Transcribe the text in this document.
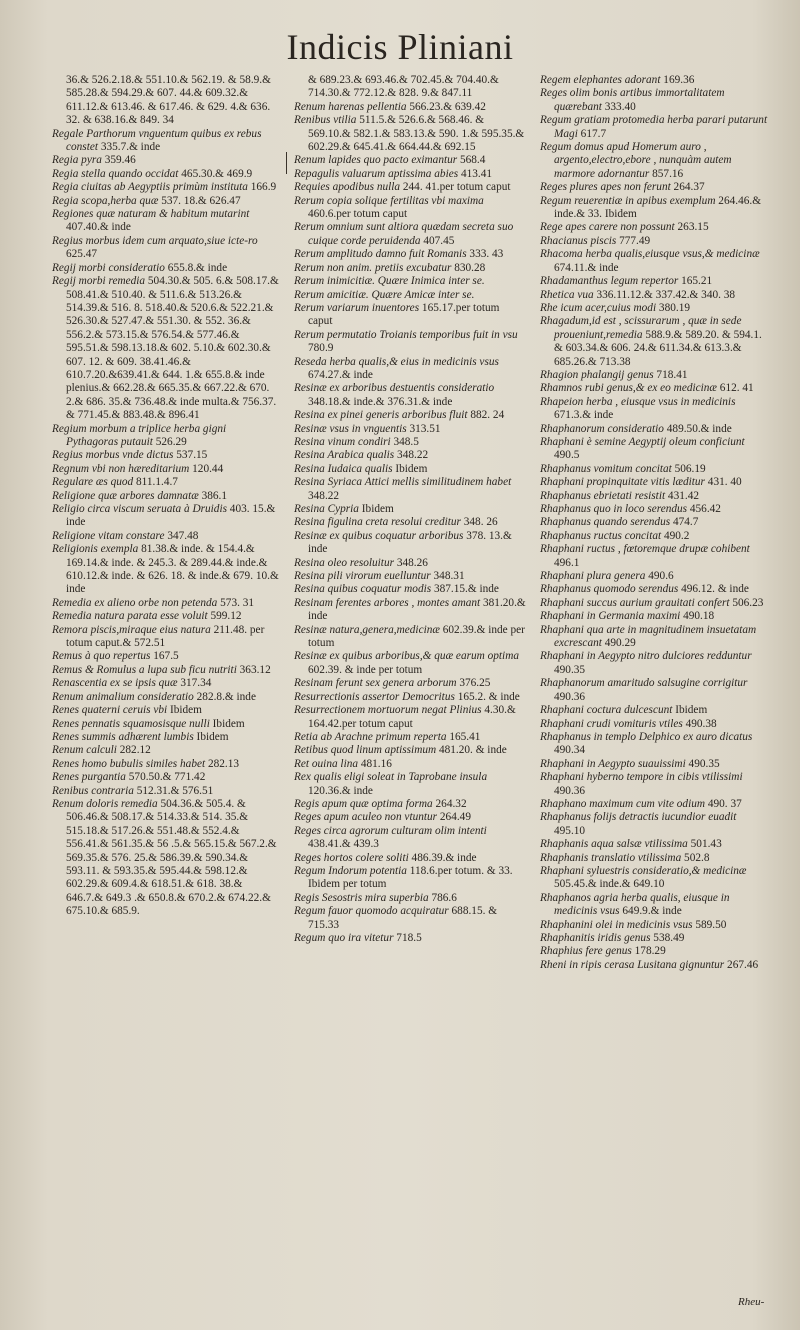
Indicis Pliniani

36.& 526.2.18.& 551.10.& 562.19. & 58.9.& 585.28.& 594.29.& 607. 44.& 609.32.& 611.12.& 613.46. & 617.46. & 629. 4.& 636. 32. & 638.16.& 849. 34

Regale Parthorum vnguentum quibus ex rebus constet 335.7.& inde

Regia pyra 359.46

Regia stella quando occidat 465.30.& 469.9

Regia ciuitas ab Aegyptiis primùm instituta 166.9

Regia scopa,herba quæ 537. 18.& 626.47

Regiones quæ naturam & habitum mutarint 407.40.& inde

Regius morbus idem cum arquato,siue icte-ro 625.47

Regij morbi consideratio 655.8.& inde

Regij morbi remedia 504.30.& 505. 6.& 508.17.& 508.41.& 510.40. & 511.6.& 513.26.& 514.39.& 516. 8. 518.40.& 520.6.& 522.21.& 526.30.& 527.47.& 551.30. & 552. 36.& 556.2.& 573.15.& 576.54.& 577.46.& 595.51.& 598.13.18.& 602. 5.10.& 602.30.& 607. 12. & 609. 38.41.46.& 610.7.20.&639.41.& 644. 1.& 655.8.& inde plenius.& 662.28.& 665.35.& 667.22.& 670. 2.& 686. 35.& 736.48.& inde multa.& 756.37. & 771.45.& 883.48.& 896.41

Regium morbum a triplice herba gigni Pythagoras putauit 526.29

Regius morbus vnde dictus 537.15

Regnum vbi non hæreditarium 120.44

Regulare æs quod 811.1.4.7

Religione quæ arbores damnatæ 386.1

Religio circa viscum seruata à Druidis 403. 15.& inde

Religione vitam constare 347.48

Religionis exempla 81.38.& inde. & 154.4.& 169.14.& inde. & 245.3. & 289.44.& inde.& 610.12.& inde. & 626. 18. & inde.& 679. 10.& inde

Remedia ex alieno orbe non petenda 573. 31

Remedia natura parata esse voluit 599.12

Remora piscis,miraque eius natura 211.48. per totum caput.& 572.51

Remus à quo repertus 167.5

Remus & Romulus a lupa sub ficu nutriti 363.12

Renascentia ex se ipsis quæ 317.34

Renum animalium consideratio 282.8.& inde

Renes quaterni ceruis vbi Ibidem

Renes pennatis squamosisque nulli Ibidem

Renes summis adhærent lumbis Ibidem

Renum calculi 282.12

Renes homo bubulis similes habet 282.13

Renes purgantia 570.50.& 771.42

Renibus contraria 512.31.& 576.51

Renum doloris remedia 504.36.& 505.4. & 506.46.& 508.17.& 514.33.& 514. 35.& 515.18.& 517.26.& 551.48.& 552.4.& 556.41.& 561.35.& 56 .5.& 565.15.& 567.2.& 569.35.& 576. 25.& 586.39.& 590.34.& 593.11. & 593.35.& 595.44.& 598.12.& 602.29.& 609.4.& 618.51.& 618. 38.& 646.7.& 649.3 .& 650.8.& 670.2.& 674.22.& 675.10.& 685.9.

& 689.23.& 693.46.& 702.45.& 704.40.& 714.30.& 772.12.& 828. 9.& 847.11

Renum harenas pellentia 566.23.& 639.42

Renibus vtilia 511.5.& 526.6.& 568.46. & 569.10.& 582.1.& 583.13.& 590. 1.& 595.35.& 602.29.& 645.41.& 664.44.& 692.15

Renum lapides quo pacto eximantur 568.4

Repagulis valuarum aptissima abies 413.41

Requies apodibus nulla 244. 41.per totum caput

Rerum copia solique fertilitas vbi maxima 460.6.per totum caput

Rerum omnium sunt altiora quædam secreta suo cuique corde peruidenda 407.45

Rerum amplitudo damno fuit Romanis 333. 43

Rerum non anim. pretiis excubatur 830.28

Rerum inimicitiæ. Quære Inimica inter se.

Rerum amicitiæ. Quære Amicæ inter se.

Rerum variarum inuentores 165.17.per totum caput

Rerum permutatio Troianis temporibus fuit in vsu 780.9

Reseda herba qualis,& eius in medicinis vsus 674.27.& inde

Resinæ ex arboribus destuentis consideratio 348.18.& inde.& 376.31.& inde

Resina ex pinei generis arboribus fluit 882. 24

Resinæ vsus in vnguentis 313.51

Resina vinum condiri 348.5

Resina Arabica qualis 348.22

Resina Iudaica qualis Ibidem

Resina Syriaca Attici mellis similitudinem habet 348.22

Resina Cypria Ibidem

Resina figulina creta resolui creditur 348. 26

Resinæ ex quibus coquatur arboribus 378. 13.& inde

Resina oleo resoluitur 348.26

Resina pili virorum euelluntur 348.31

Resina quibus coquatur modis 387.15.& inde

Resinam ferentes arbores , montes amant 381.20.& inde

Resinæ natura,genera,medicinæ 602.39.& inde per totum

Resinæ ex quibus arboribus,& quæ earum optima 602.39. & inde per totum

Resinam ferunt sex genera arborum 376.25

Resurrectionis assertor Democritus 165.2. & inde

Resurrectionem mortuorum negat Plinius 4.30.& 164.42.per totum caput

Retia ab Arachne primum reperta 165.41

Retibus quod linum aptissimum 481.20. & inde

Ret ouina lina 481.16

Rex qualis eligi soleat in Taprobane insula 120.36.& inde

Regis apum quæ optima forma 264.32

Reges apum aculeo non vtuntur 264.49

Reges circa agrorum culturam olim intenti 438.41.& 439.3

Reges hortos colere soliti 486.39.& inde

Regum Indorum potentia 118.6.per totum. & 33. Ibidem per totum

Regis Sesostris mira superbia 786.6

Regum fauor quomodo acquiratur 688.15. & 715.33

Regum quo ira vitetur 718.5

Regem elephantes adorant 169.36

Reges olim bonis artibus immortalitatem quærebant 333.40

Regum gratiam protomedia herba parari putarunt Magi 617.7

Regum domus apud Homerum auro , argento,electro,ebore , nunquàm autem marmore adornantur 857.16

Reges plures apes non ferunt 264.37

Regum reuerentiæ in apibus exemplum 264.46.& inde.& 33. Ibidem

Rege apes carere non possunt 263.15

Rhacianus piscis 777.49

Rhacoma herba qualis,eiusque vsus,& medicinæ 674.11.& inde

Rhadamanthus legum repertor 165.21

Rhetica vua 336.11.12.& 337.42.& 340. 38

Rhe icum acer,cuius modi 380.19

Rhagadum,id est , scissurarum , quæ in sede proueniunt,remedia 588.9.& 589.20. & 594.1. & 603.34.& 606. 24.& 611.34.& 613.3.& 685.26.& 713.38

Rhagion phalangij genus 718.41

Rhamnos rubi genus,& ex eo medicinæ 612. 41

Rhapeion herba , eiusque vsus in medicinis 671.3.& inde

Rhaphanorum consideratio 489.50.& inde

Rhaphani è semine Aegyptij oleum conficiunt 490.5

Rhaphanus vomitum concitat 506.19

Rhaphani propinquitate vitis læditur 431. 40

Rhaphanus ebrietati resistit 431.42

Rhaphanus quo in loco serendus 456.42

Rhaphanus quando serendus 474.7

Rhaphanus ructus concitat 490.2

Rhaphani ructus , fœtoremque drupæ cohibent 496.1

Rhaphani plura genera 490.6

Rhaphanus quomodo serendus 496.12. & inde

Rhaphani succus aurium grauitati confert 506.23

Rhaphani in Germania maximi 490.18

Rhaphani qua arte in magnitudinem insuetatam excrescant 490.29

Rhaphani in Aegypto nitro dulciores redduntur 490.35

Rhaphanorum amaritudo salsugine corrigitur 490.36

Rhaphani coctura dulcescunt Ibidem

Rhaphani crudi vomituris vtiles 490.38

Rhaphanus in templo Delphico ex auro dicatus 490.34

Rhaphani in Aegypto suauissimi 490.35

Rhaphani hyberno tempore in cibis vtilissimi 490.36

Rhaphano maximum cum vite odium 490. 37

Rhaphanus folijs detractis iucundior euadit 495.10

Rhaphanis aqua salsæ vtilissima 501.43

Rhaphanis translatio vtilissima 502.8

Rhaphani syluestris consideratio,& medicinæ 505.45.& inde.& 649.10

Rhaphanos agria herba qualis, eiusque in medicinis vsus 649.9.& inde

Rhaphanini olei in medicinis vsus 589.50

Rhaphanitis iridis genus 538.49

Rhaphius fere genus 178.29

Rheni in ripis cerasa Lusitana gignuntur 267.46

Rheu-
